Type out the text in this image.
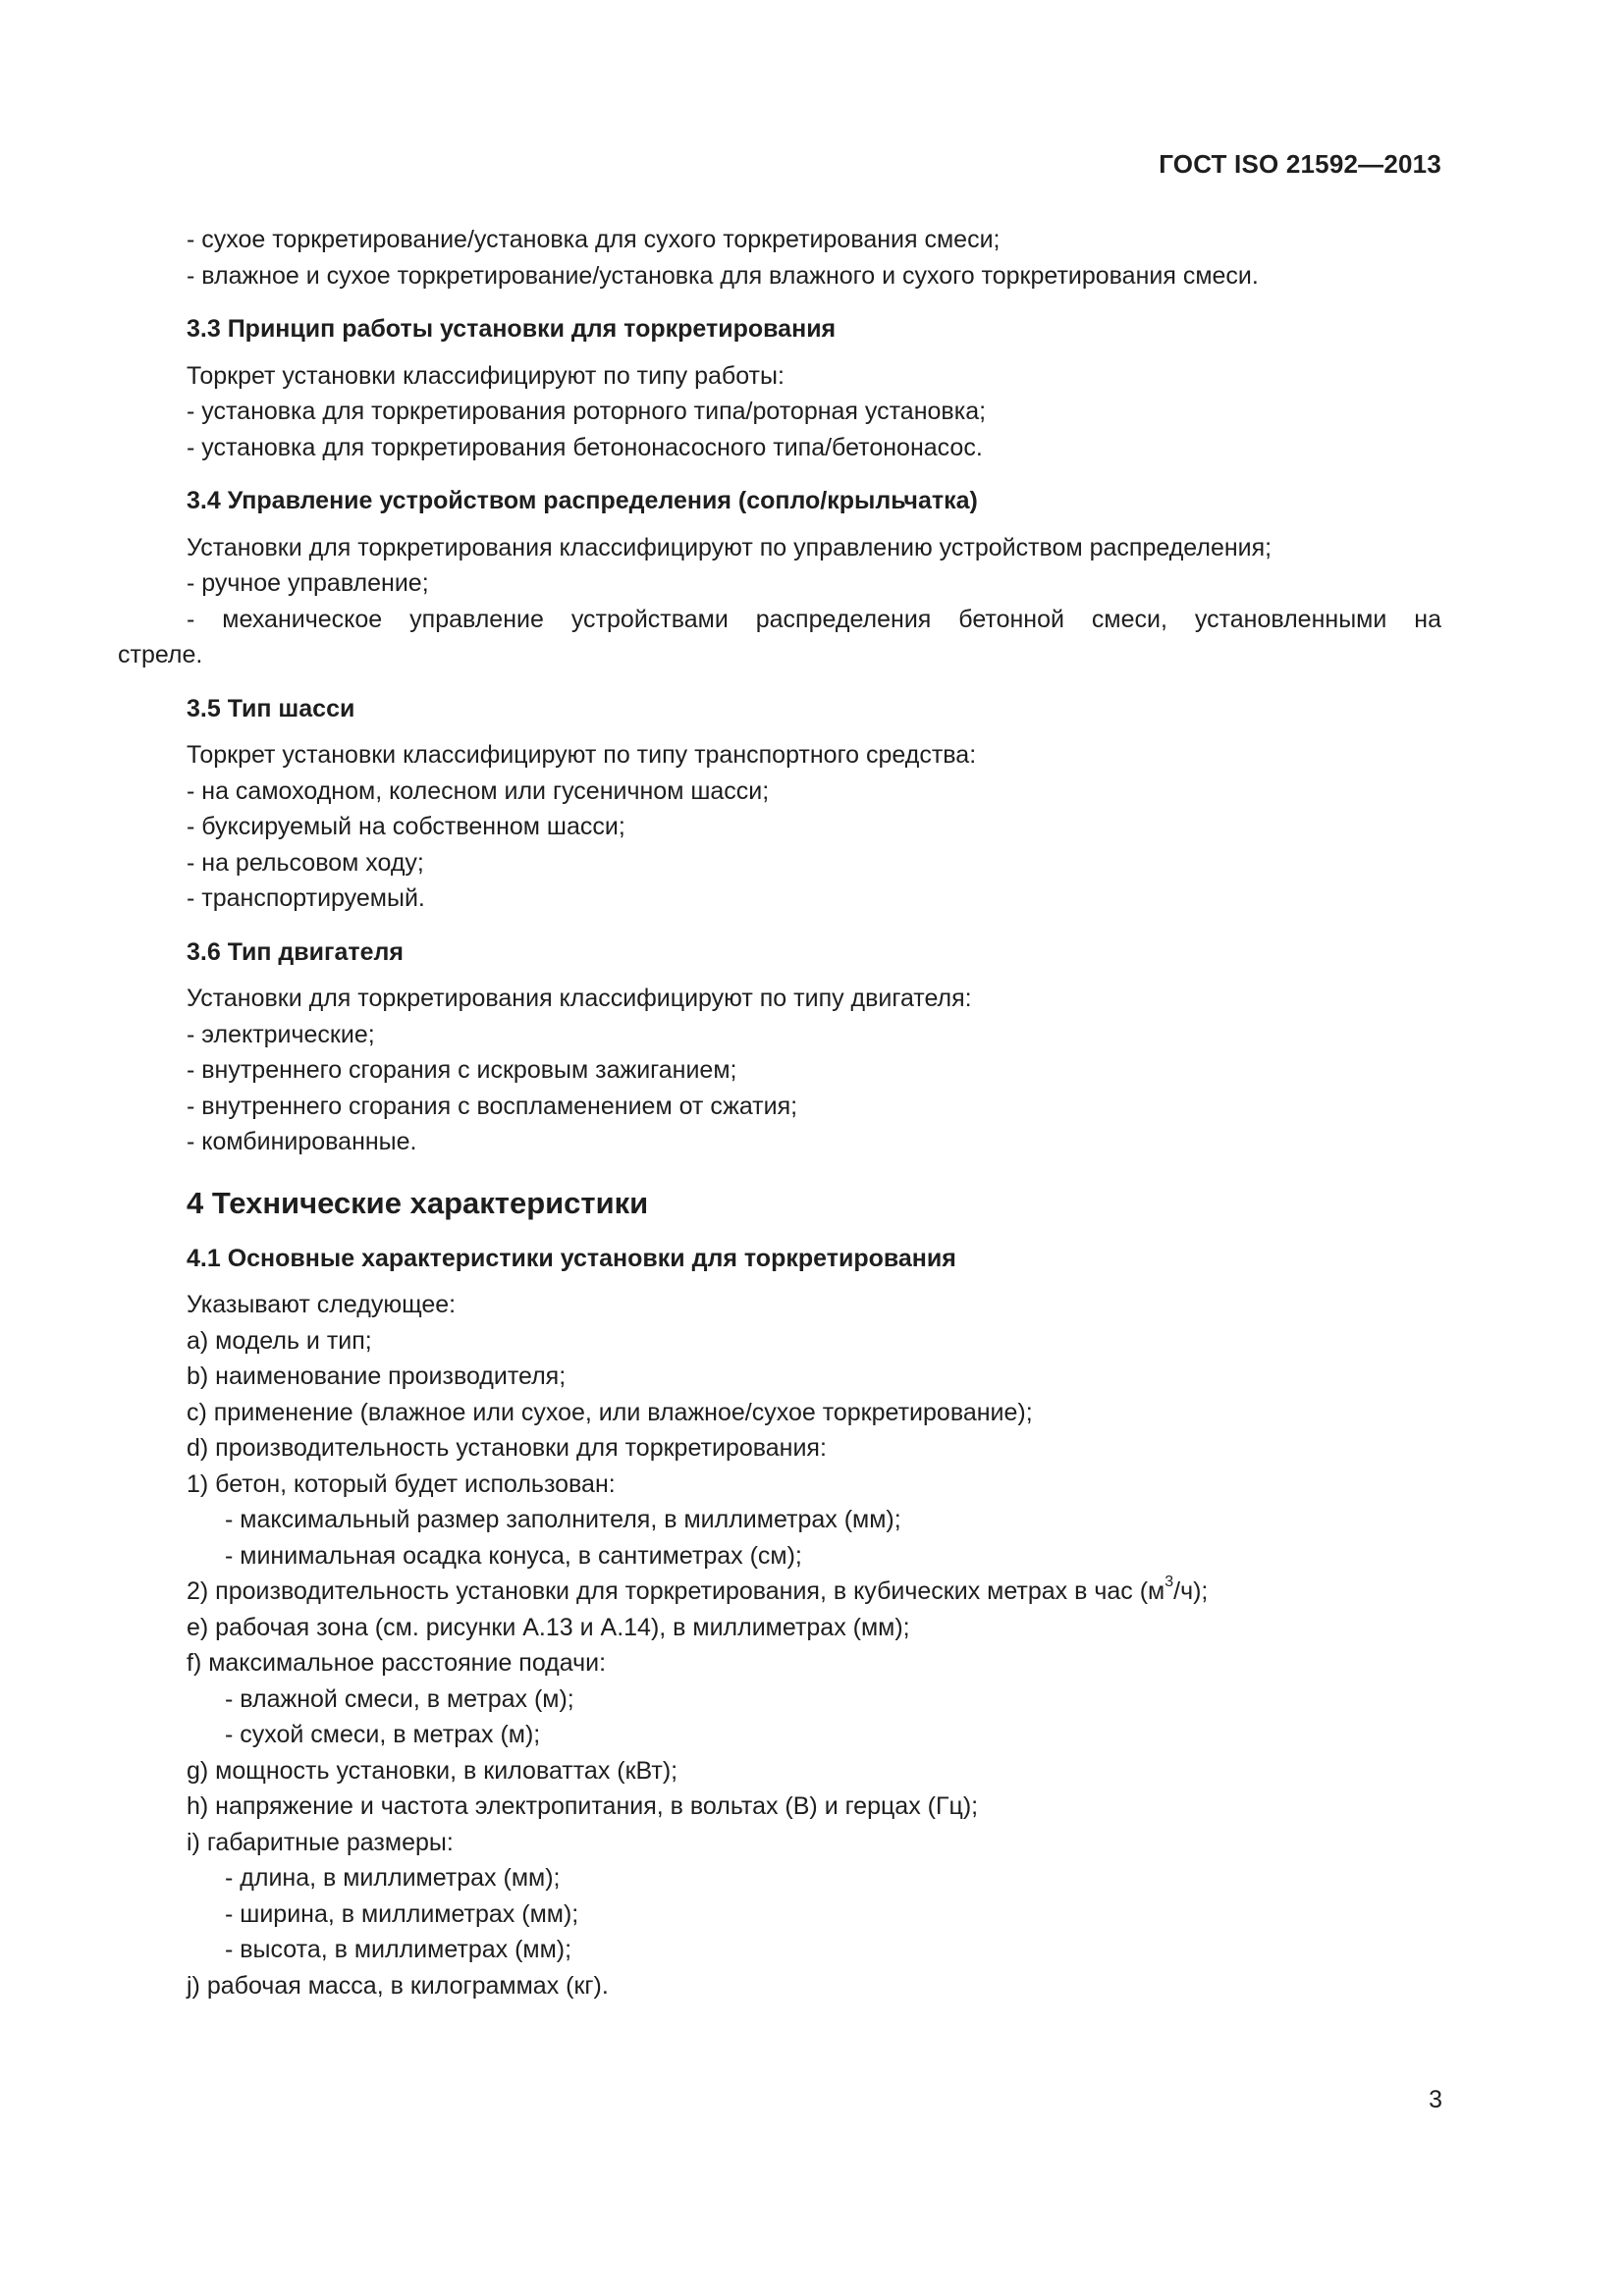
ГОСТ ISO 21592—2013

- сухое торкретирование/установка для сухого торкретирования смеси;

- влажное и сухое торкретирование/установка для влажного и сухого торкретирования смеси.

3.3 Принцип работы установки для торкретирования

Торкрет установки классифицируют по типу работы:

- установка для торкретирования роторного типа/роторная установка;

- установка для торкретирования бетононасосного типа/бетононасос.

3.4 Управление устройством распределения (сопло/крыльчатка)

Установки для торкретирования классифицируют по управлению устройством распределения;

- ручное управление;

- механическое управление устройствами распределения бетонной смеси, установленными на

стреле.

3.5 Тип шасси

Торкрет установки классифицируют по типу транспортного средства:

- на самоходном, колесном или гусеничном шасси;

- буксируемый на собственном шасси;

- на рельсовом ходу;

- транспортируемый.

3.6 Тип двигателя

Установки для торкретирования классифицируют по типу двигателя:

- электрические;

- внутреннего сгорания с искровым зажиганием;

- внутреннего сгорания с воспламенением от сжатия;

- комбинированные.

4 Технические характеристики

4.1 Основные характеристики установки для торкретирования

Указывают следующее:

a) модель и тип;

b) наименование производителя;

c) применение (влажное или сухое, или влажное/сухое торкретирование);

d) производительность установки для торкретирования:

1) бетон, который будет использован:

- максимальный размер заполнителя, в миллиметрах (мм);

- минимальная осадка конуса, в сантиметрах (см);

2) производительность установки для торкретирования, в кубических метрах в час $(м^3/ч)$;

e) рабочая зона (см. рисунки А.13 и А.14), в миллиметрах (мм);

f) максимальное расстояние подачи:

- влажной смеси, в метрах (м);

- сухой смеси, в метрах (м);

g) мощность установки, в киловаттах (кВт);

h) напряжение и частота электропитания, в вольтах (В) и герцах (Гц);

i) габаритные размеры:

- длина, в миллиметрах (мм);

- ширина, в миллиметрах (мм);

- высота, в миллиметрах (мм);

j) рабочая масса, в килограммах (кг).

3
